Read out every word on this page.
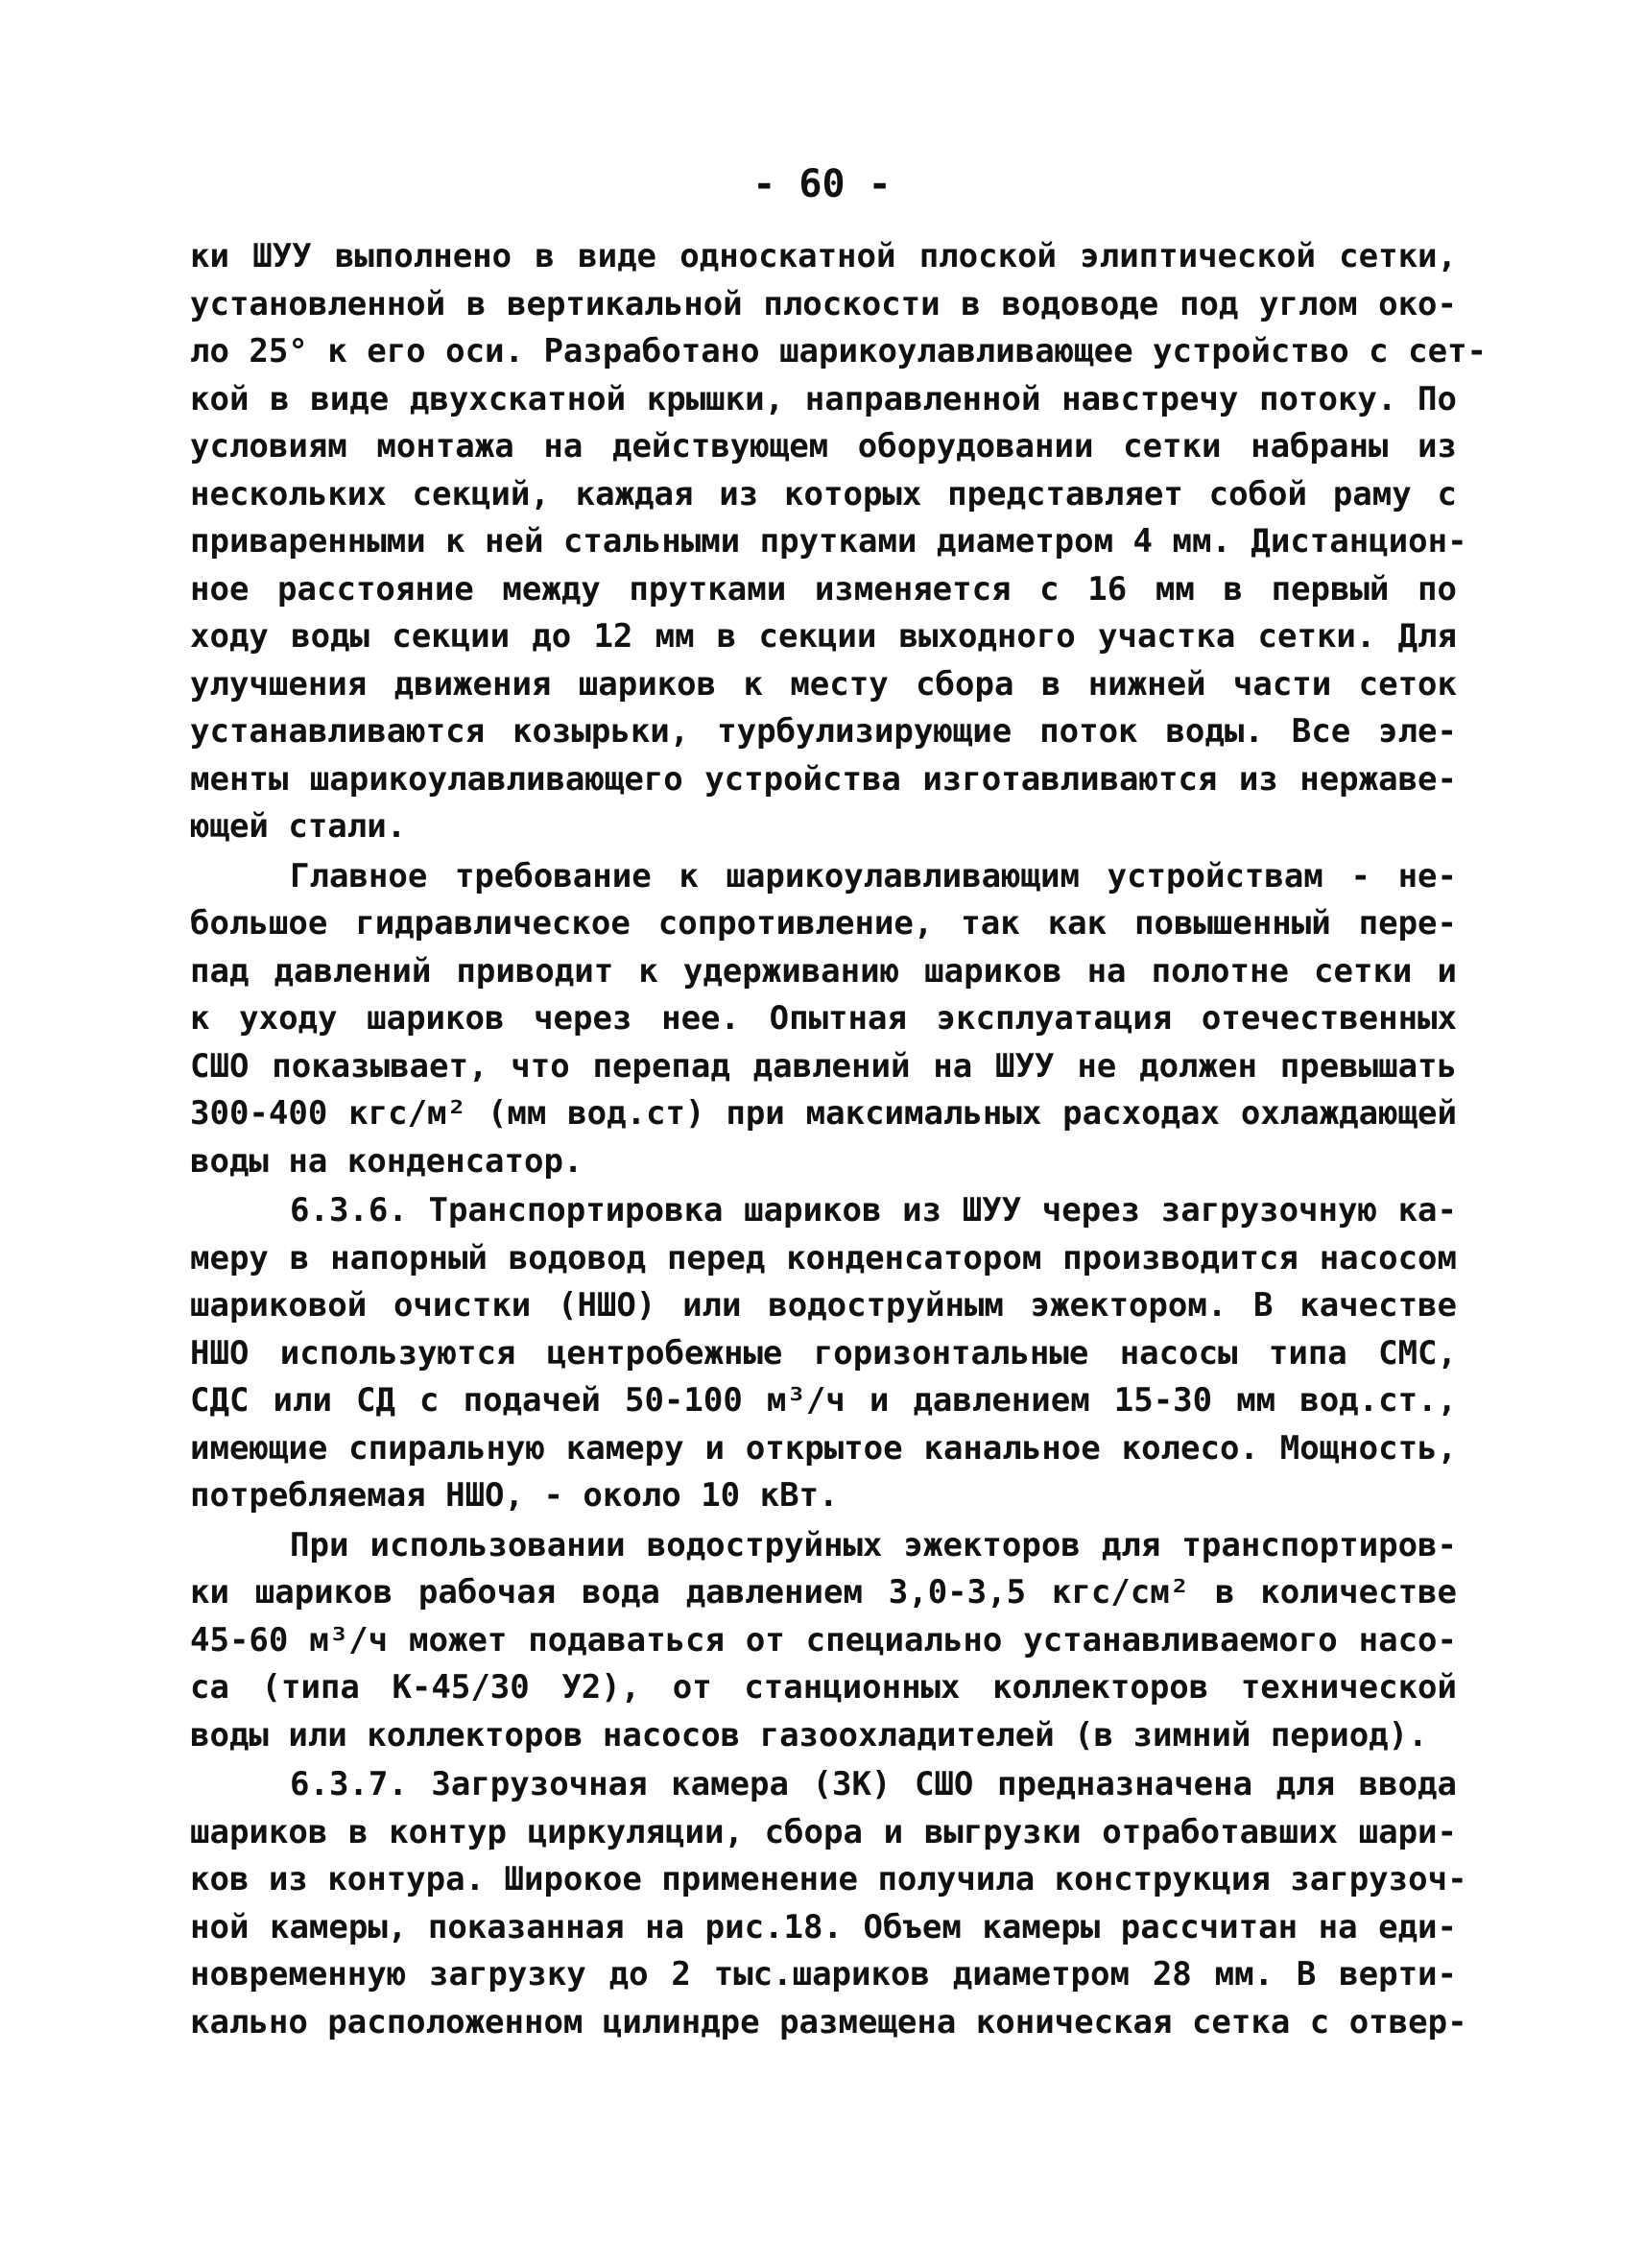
- 60 -
ки ШУУ выполнено в виде односкатной плоской элиптической сетки,
установленной в вертикальной плоскости в водоводе под углом око-
ло 25° к его оси. Разработано шарикоулавливающее устройство с сет-
кой в виде двухскатной крышки, направленной навстречу потоку. По
условиям монтажа на действующем оборудовании сетки набраны из
нескольких секций, каждая из которых представляет собой раму с
приваренными к ней стальными прутками диаметром 4 мм. Дистанцион-
ное расстояние между прутками изменяется с 16 мм в первый по
ходу воды секции до 12 мм в секции выходного участка сетки. Для
улучшения движения шариков к месту сбора в нижней части сеток
устанавливаются козырьки, турбулизирующие поток воды. Все эле-
менты шарикоулавливающего устройства изготавливаются из нержаве-
ющей стали.
Главное требование к шарикоулавливающим устройствам - не-
большое гидравлическое сопротивление, так как повышенный пере-
пад давлений приводит к удерживанию шариков на полотне сетки и
к уходу шариков через нее. Опытная эксплуатация отечественных
СШО показывает, что перепад давлений на ШУУ не должен превышать
300-400 кгс/м² (мм вод.ст) при максимальных расходах охлаждающей
воды на конденсатор.
6.3.6. Транспортировка шариков из ШУУ через загрузочную ка-
меру в напорный водовод перед конденсатором производится насосом
шариковой очистки (НШО) или водоструйным эжектором. В качестве
НШО используются центробежные горизонтальные насосы типа СМС,
СДС или СД с подачей 50-100 м³/ч и давлением 15-30 мм вод.ст.,
имеющие спиральную камеру и открытое канальное колесо. Мощность,
потребляемая НШО, - около 10 кВт.
При использовании водоструйных эжекторов для транспортиров-
ки шариков рабочая вода давлением 3,0-3,5 кгс/см² в количестве
45-60 м³/ч может подаваться от специально устанавливаемого насо-
са (типа К-45/30 У2), от станционных коллекторов технической
воды или коллекторов насосов газоохладителей (в зимний период).
6.3.7. Загрузочная камера (ЗК) СШО предназначена для ввода
шариков в контур циркуляции, сбора и выгрузки отработавших шари-
ков из контура. Широкое применение получила конструкция загрузоч-
ной камеры, показанная на рис.18. Объем камеры рассчитан на еди-
новременную загрузку до 2 тыс.шариков диаметром 28 мм. В верти-
кально расположенном цилиндре размещена коническая сетка с отвер-
